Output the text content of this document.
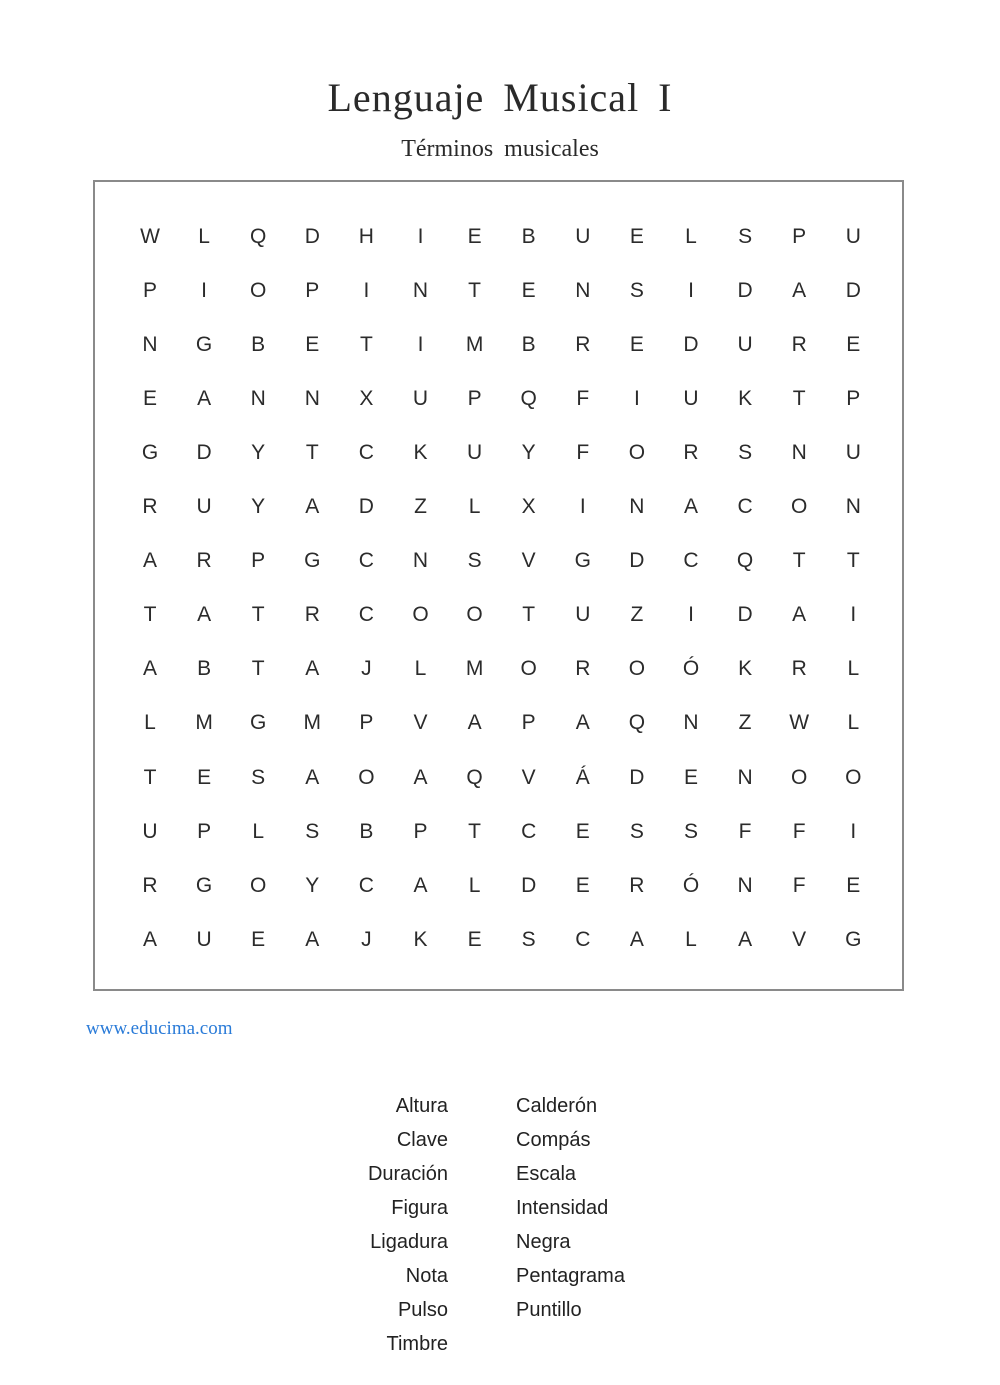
Lenguaje Musical I
Términos musicales
W	L	Q	D	H	I	E	B	U	E	L	S	P	U
P	I	O	P	I	N	T	E	N	S	I	D	A	D
N	G	B	E	T	I	M	B	R	E	D	U	R	E
E	A	N	N	X	U	P	Q	F	I	U	K	T	P
G	D	Y	T	C	K	U	Y	F	O	R	S	N	U
R	U	Y	A	D	Z	L	X	I	N	A	C	O	N
A	R	P	G	C	N	S	V	G	D	C	Q	T	T
T	A	T	R	C	O	O	T	U	Z	I	D	A	I
A	B	T	A	J	L	M	O	R	O	Ó	K	R	L
L	M	G	M	P	V	A	P	A	Q	N	Z	W	L
T	E	S	A	O	A	Q	V	Á	D	E	N	O	O
U	P	L	S	B	P	T	C	E	S	S	F	F	I
R	G	O	Y	C	A	L	D	E	R	Ó	N	F	E
A	U	E	A	J	K	E	S	C	A	L	A	V	G
www.educima.com
Altura
Clave
Duración
Figura
Ligadura
Nota
Pulso
Timbre
Calderón
Compás
Escala
Intensidad
Negra
Pentagrama
Puntillo
